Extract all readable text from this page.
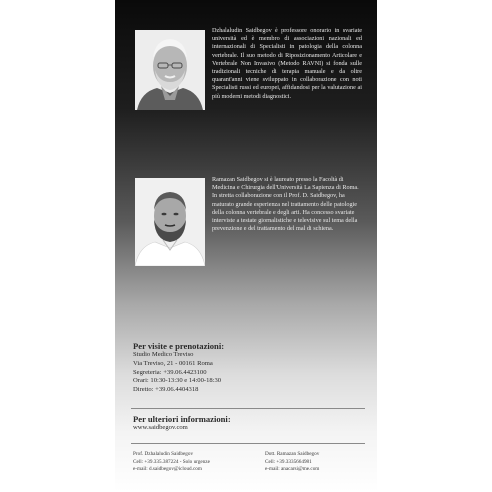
Dzhalaludin Saidbegov è professore onorario in svariate università ed è membro di associazioni nazionali ed internazionali di Specialisti in patologia della colonna vertebrale. Il suo metodo di Riposizionamento Articolare e Vertebrale Non Invasivo (Metodo RAVNI) si fonda sulle tradizionali tecniche di terapia manuale e da oltre quarant'anni viene sviluppato in collaborazione con noti Specialisti russi ed europei, affidandosi per la valutazione ai più moderni metodi diagnostici.

Ramazan Saidbegov si è laureato presso la Facoltà di Medicina e Chirurgia dell'Università La Sapienza di Roma. In stretta collaborazione con il Prof. D. Saidbegov, ha maturato grande esperienza nel trattamento delle patologie della colonna vertebrale e degli arti. Ha concesso svariate interviste a testate giornalistiche e televisive sul tema della prevenzione e del trattamento del mal di schiena.

Per visite e prenotazioni:
Studio Medico Treviso
Via Treviso, 21 - 00161 Roma
Segreteria: +39.06.4423100
Orari: 10:30-13:30 e 14:00-18:30
Diretto: +39.06.4404318
Per ulteriori informazioni:
www.saidbegov.com
Prof. Dzhalaludin Saidbegov
Cell: +39.335.387224 - Solo urgenze
e-mail: d.saidbegov@icloud.com
Dott. Ramazan Saidbegov
Cell: +39.3335664981
e-mail: anacarsi@me.com
